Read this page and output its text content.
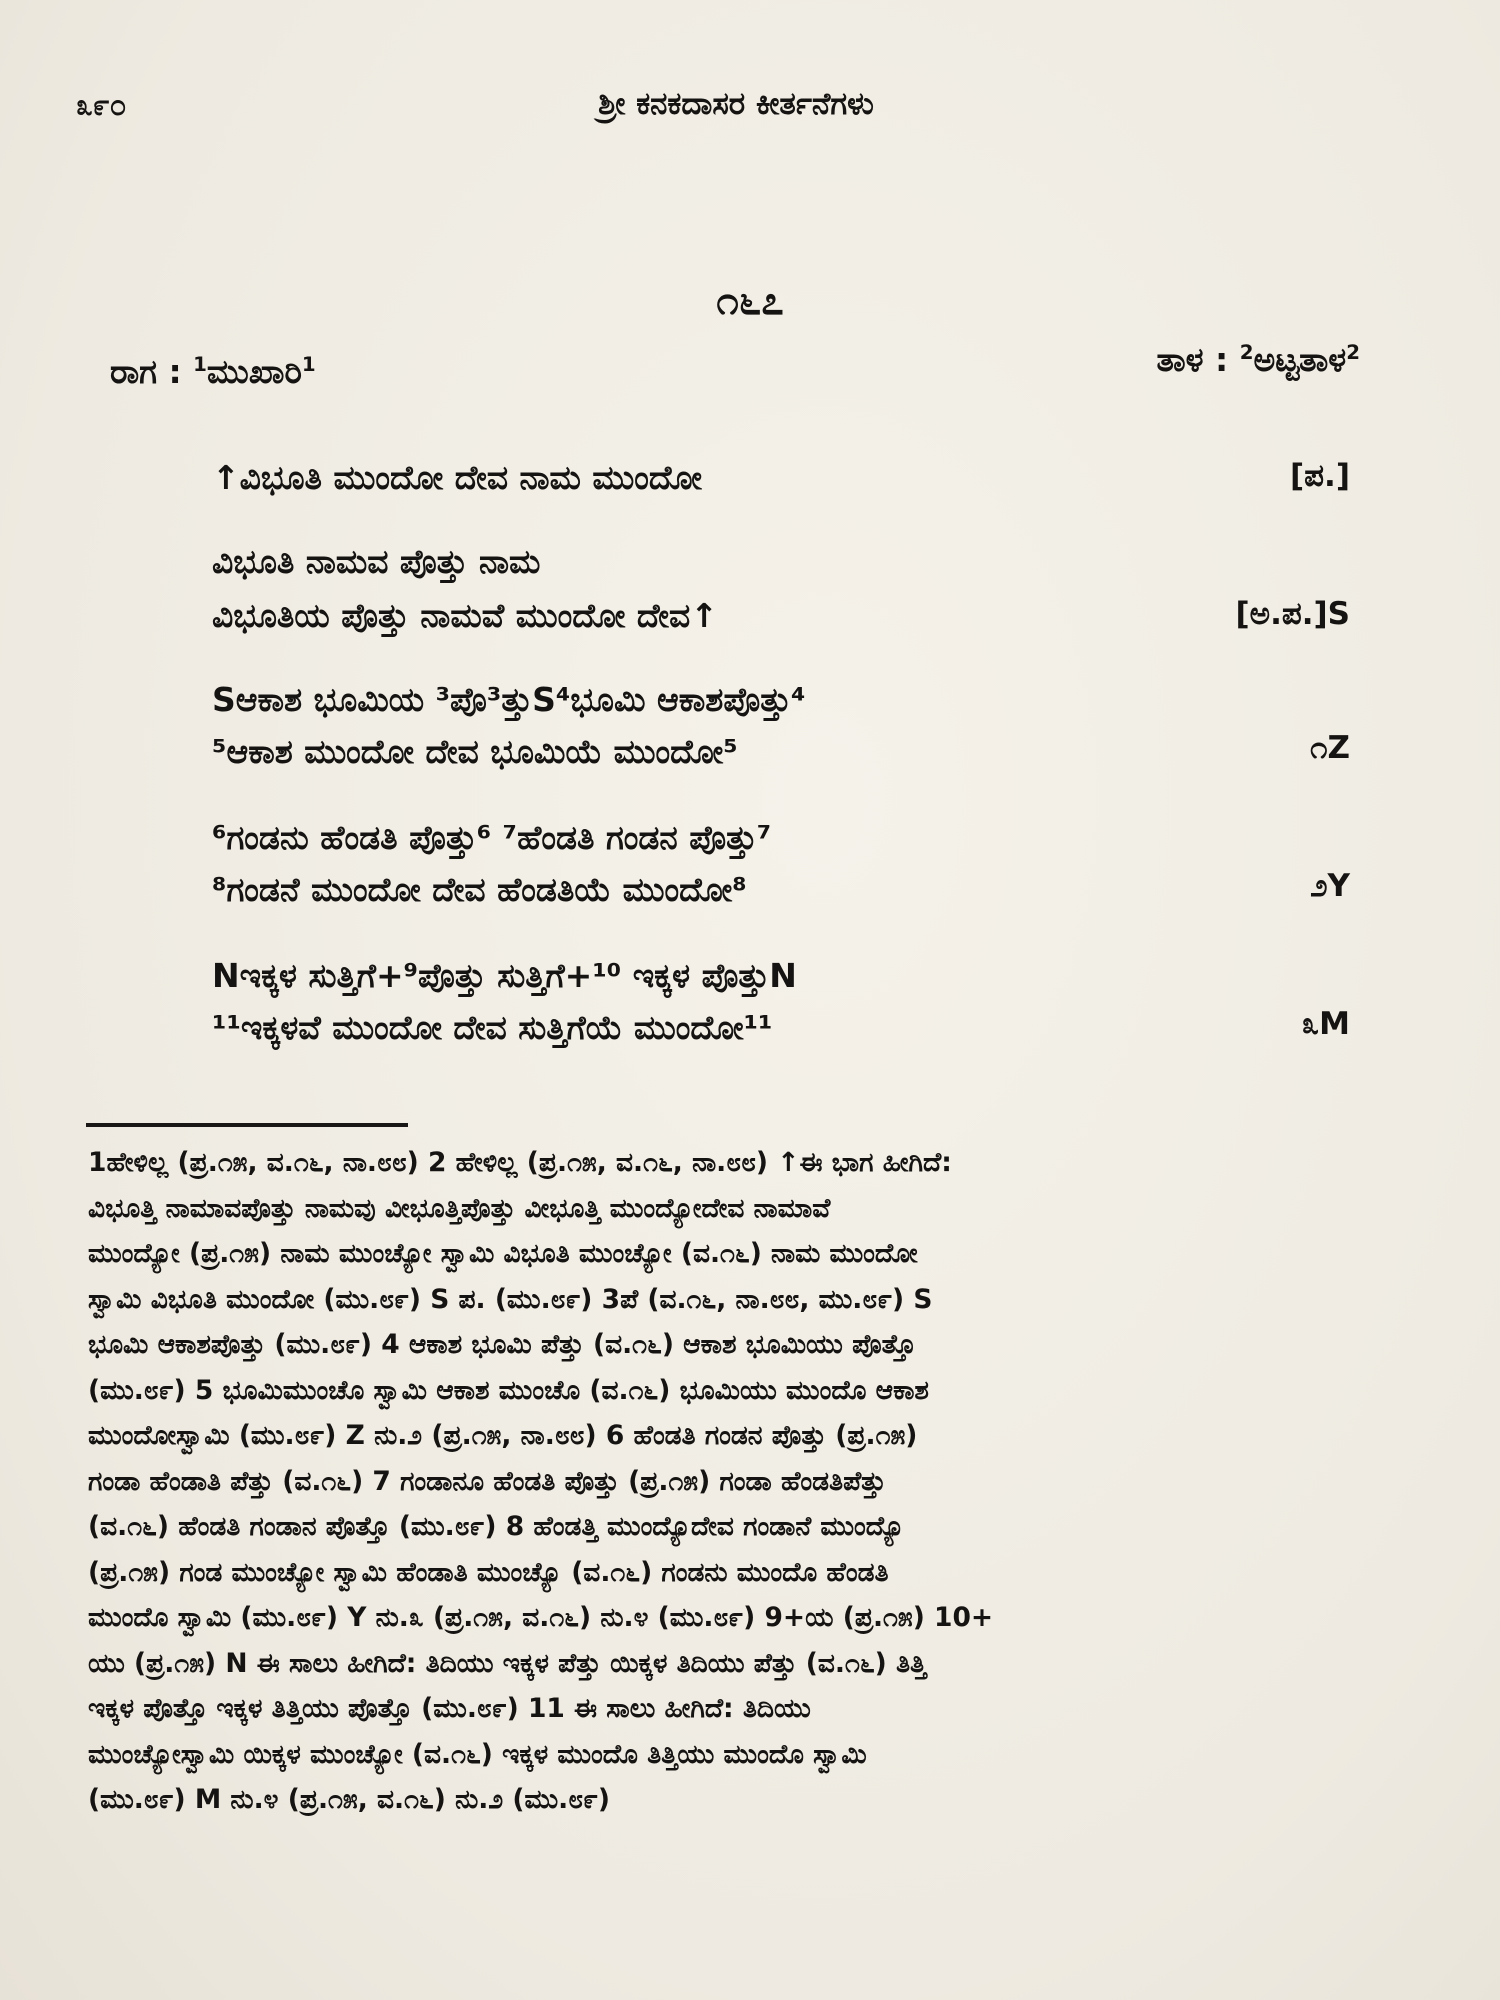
೩೯೦	ಶ್ರೀ ಕನಕದಾಸರ ಕೀರ್ತನೆಗಳು
೧೬೭
ರಾಗ : $^1$ಮುಖಾರಿ$^1$	ತಾಳ : $^2$ಅಟ್ಟತಾಳ$^2$
↑ವಿಭೂತಿ ಮುಂದೋ ದೇವ ನಾಮ ಮುಂದೋ	[ಪ.]
ವಿಭೂತಿ ನಾಮವ ಪೊತ್ತು ನಾಮ
ವಿಭೂತಿಯ ಪೊತ್ತು ನಾಮವೆ ಮುಂದೋ ದೇವ↑	[ಅ.ಪ.]S
Sಆಕಾಶ ಭೂಮಿಯ ³ಪೊ³ತ್ತುS⁴ಭೂಮಿ ಆಕಾಶಪೊತ್ತು⁴
⁵ಆಕಾಶ ಮುಂದೋ ದೇವ ಭೂಮಿಯೆ ಮುಂದೋ⁵	೧Z
⁶ಗಂಡನು ಹೆಂಡತಿ ಪೊತ್ತು⁶ ⁷ಹೆಂಡತಿ ಗಂಡನ ಪೊತ್ತು⁷
⁸ಗಂಡನೆ ಮುಂದೋ ದೇವ ಹೆಂಡತಿಯೆ ಮುಂದೋ⁸	೨Y
Nಇಕ್ಕಳ ಸುತ್ತಿಗೆ+⁹ಪೊತ್ತು ಸುತ್ತಿಗೆ+¹⁰ ಇಕ್ಕಳ ಪೊತ್ತುN
¹¹ಇಕ್ಕಳವೆ ಮುಂದೋ ದೇವ ಸುತ್ತಿಗೆಯೆ ಮುಂದೋ¹¹	೩M
1ಹೇಳಿಲ್ಲ (ಪ್ರ.೧೫, ವ.೧೬, ನಾ.೮೮) 2 ಹೇಳಿಲ್ಲ (ಪ್ರ.೧೫, ವ.೧೬, ನಾ.೮೮) ↑ಈ ಭಾಗ ಹೀಗಿದೆ:
ವಿಭೂತ್ತಿ ನಾಮಾವಪೊತ್ತು ನಾಮವು ವೀಭೂತ್ತಿಪೊತ್ತು ವೀಭೂತ್ತಿ ಮುಂದ್ಯೋದೇವ ನಾಮಾವೆ
ಮುಂದ್ಯೋ (ಪ್ರ.೧೫) ನಾಮ ಮುಂಚ್ಯೋ ಸ್ವಾಮಿ ವಿಭೂತಿ ಮುಂಚ್ಯೋ (ವ.೧೬) ನಾಮ ಮುಂದೋ
ಸ್ವಾಮಿ ವಿಭೂತಿ ಮುಂದೋ (ಮು.೮೯) S ಪ. (ಮು.೮೯) 3ಪೆ (ವ.೧೬, ನಾ.೮೮, ಮು.೮೯) S
ಭೂಮಿ ಆಕಾಶಪೊತ್ತು (ಮು.೮೯) 4 ಆಕಾಶ ಭೂಮಿ ಪೆತ್ತು (ವ.೧೬) ಆಕಾಶ ಭೂಮಿಯು ಪೊತ್ತೊ
(ಮು.೮೯) 5 ಭೂಮಿಮುಂಚೊ ಸ್ವಾಮಿ ಆಕಾಶ ಮುಂಚೊ (ವ.೧೬) ಭೂಮಿಯು ಮುಂದೊ ಆಕಾಶ
ಮುಂದೋಸ್ವಾಮಿ (ಮು.೮೯) Z ನು.೨ (ಪ್ರ.೧೫, ನಾ.೮೮) 6 ಹೆಂಡತಿ ಗಂಡನ ಪೊತ್ತು (ಪ್ರ.೧೫)
ಗಂಡಾ ಹೆಂಡಾತಿ ಪೆತ್ತು (ವ.೧೬) 7 ಗಂಡಾನೂ ಹೆಂಡತಿ ಪೊತ್ತು (ಪ್ರ.೧೫) ಗಂಡಾ ಹೆಂಡತಿಪೆತ್ತು
(ವ.೧೬) ಹೆಂಡತಿ ಗಂಡಾನ ಪೊತ್ತೊ (ಮು.೮೯) 8 ಹೆಂಡತ್ತಿ ಮುಂದ್ಯೊದೇವ ಗಂಡಾನೆ ಮುಂದ್ಯೊ
(ಪ್ರ.೧೫) ಗಂಡ ಮುಂಚ್ಯೋ ಸ್ವಾಮಿ ಹೆಂಡಾತಿ ಮುಂಚ್ಯೊ (ವ.೧೬) ಗಂಡನು ಮುಂದೊ ಹೆಂಡತಿ
ಮುಂದೊ ಸ್ವಾಮಿ (ಮು.೮೯) Y ನು.೩ (ಪ್ರ.೧೫, ವ.೧೬) ನು.೪ (ಮು.೮೯) 9+ಯ (ಪ್ರ.೧೫) 10+
ಯು (ಪ್ರ.೧೫) N ಈ ಸಾಲು ಹೀಗಿದೆ: ತಿದಿಯು ಇಕ್ಕಳ ಪೆತ್ತು ಯಿಕ್ಕಳ ತಿದಿಯು ಪೆತ್ತು (ವ.೧೬) ತಿತ್ತಿ
ಇಕ್ಕಳ ಪೊತ್ತೊ ಇಕ್ಕಳ ತಿತ್ತಿಯು ಪೊತ್ತೊ (ಮು.೮೯) 11 ಈ ಸಾಲು ಹೀಗಿದೆ: ತಿದಿಯು
ಮುಂಚ್ಯೋಸ್ವಾಮಿ ಯಿಕ್ಕಳ ಮುಂಚ್ಯೋ (ವ.೧೬) ಇಕ್ಕಳ ಮುಂದೊ ತಿತ್ತಿಯು ಮುಂದೊ ಸ್ವಾಮಿ
(ಮು.೮೯) M ನು.೪ (ಪ್ರ.೧೫, ವ.೧೬) ನು.೨ (ಮು.೮೯)
